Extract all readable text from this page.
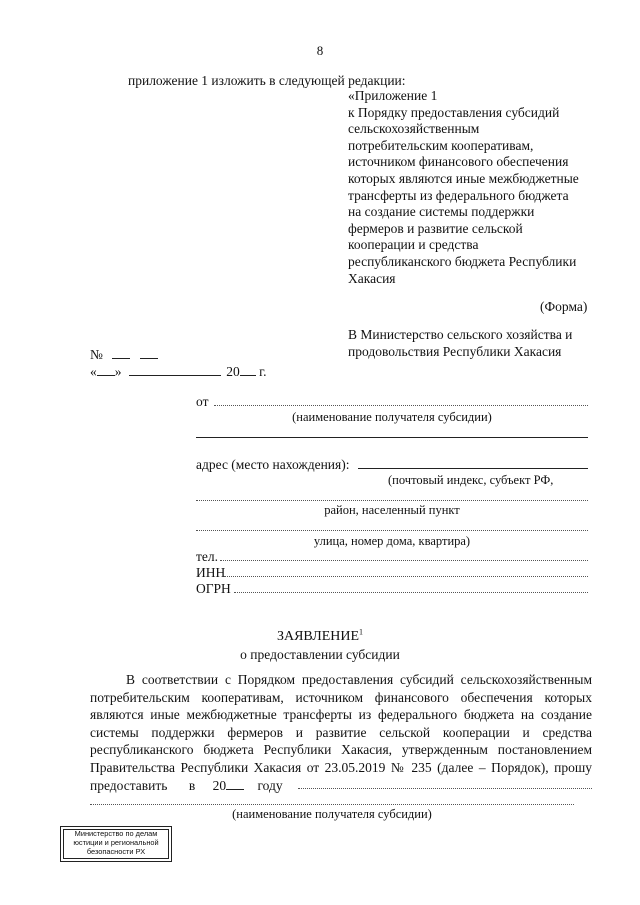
8
приложение 1 изложить в следующей редакции:
«Приложение 1
к Порядку предоставления субсидий
сельскохозяйственным
потребительским кооперативам,
источником финансового обеспечения
которых являются иные межбюджетные
трансферты из федерального бюджета
на создание системы поддержки
фермеров и развитие сельской
кооперации и средства
республиканского бюджета Республики
Хакасия
(Форма)
В Министерство сельского хозяйства и
продовольствия Республики Хакасия
№
« »	20 г.
от
(наименование получателя субсидии)
адрес (место нахождения):
(почтовый индекс, субъект РФ,
район, населенный пункт
улица, номер дома, квартира)
тел.
ИНН
ОГРН
ЗАЯВЛЕНИЕ$^1$
о предоставлении субсидии
В соответствии с Порядком предоставления субсидий сельскохозяйственным
потребительским кооперативам, источником финансового обеспечения которых
являются иные межбюджетные трансферты из федерального бюджета на создание
системы поддержки фермеров и развитие сельской кооперации и средства
республиканского бюджета Республики Хакасия, утвержденным постановлением
Правительства Республики Хакасия от 23.05.2019 № 235 (далее – Порядок), прошу
предоставить в 20 году
(наименование получателя субсидии)
Министерство по делам
юстиции и региональной
безопасности РХ
